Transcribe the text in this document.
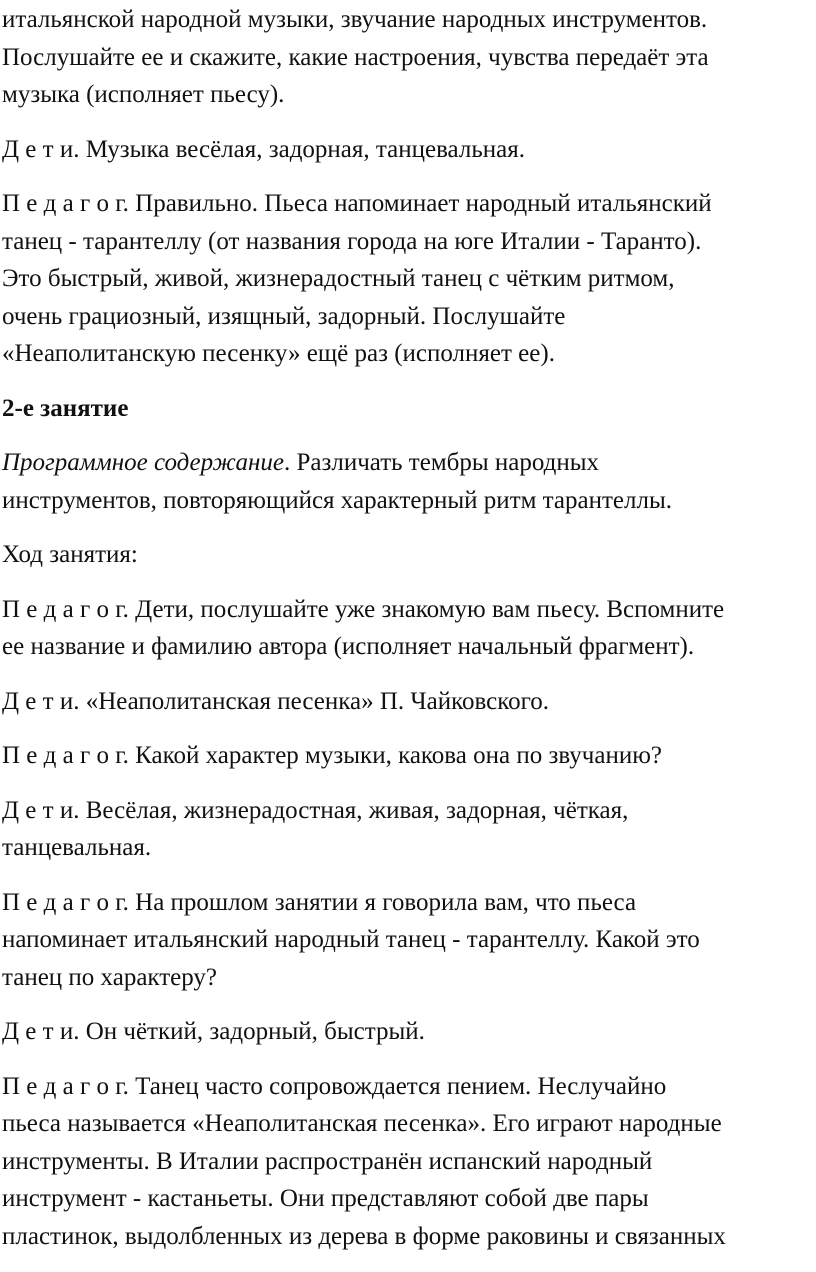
итальянской народной музыки, звучание народных инструментов.
Послушайте ее и скажите, какие настроения, чувства передаёт эта
музыка (исполняет пьесу).

Д е т и. Музыка весёлая, задорная, танцевальная.

П е д а г о г. Правильно. Пьеса напоминает народный итальянский
танец - тарантеллу (от названия города на юге Италии - Таранто).
Это быстрый, живой, жизнерадостный танец с чётким ритмом,
очень грациозный, изящный, задорный. Послушайте
«Неаполитанскую песенку» ещё раз (исполняет ее).

2-е занятие

Программное содержание. Различать тембры народных
инструментов, повторяющийся характерный ритм тарантеллы.

Ход занятия:

П е д а г о г. Дети, послушайте уже знакомую вам пьесу. Вспомните
ее название и фамилию автора (исполняет начальный фрагмент).

Д е т и. «Неаполитанская песенка» П. Чайковского.

П е д а г о г. Какой характер музыки, какова она по звучанию?

Д е т и. Весёлая, жизнерадостная, живая, задорная, чёткая,
танцевальная.

П е д а г о г. На прошлом занятии я говорила вам, что пьеса
напоминает итальянский народный танец - тарантеллу. Какой это
танец по характеру?

Д е т и. Он чёткий, задорный, быстрый.

П е д а г о г. Танец часто сопровождается пением. Неслучайно
пьеса называется «Неаполитанская песенка». Его играют народные
инструменты. В Италии распространён испанский народный
инструмент - кастаньеты. Они представляют собой две пары
пластинок, выдолбленных из дерева в форме раковины и связанных
